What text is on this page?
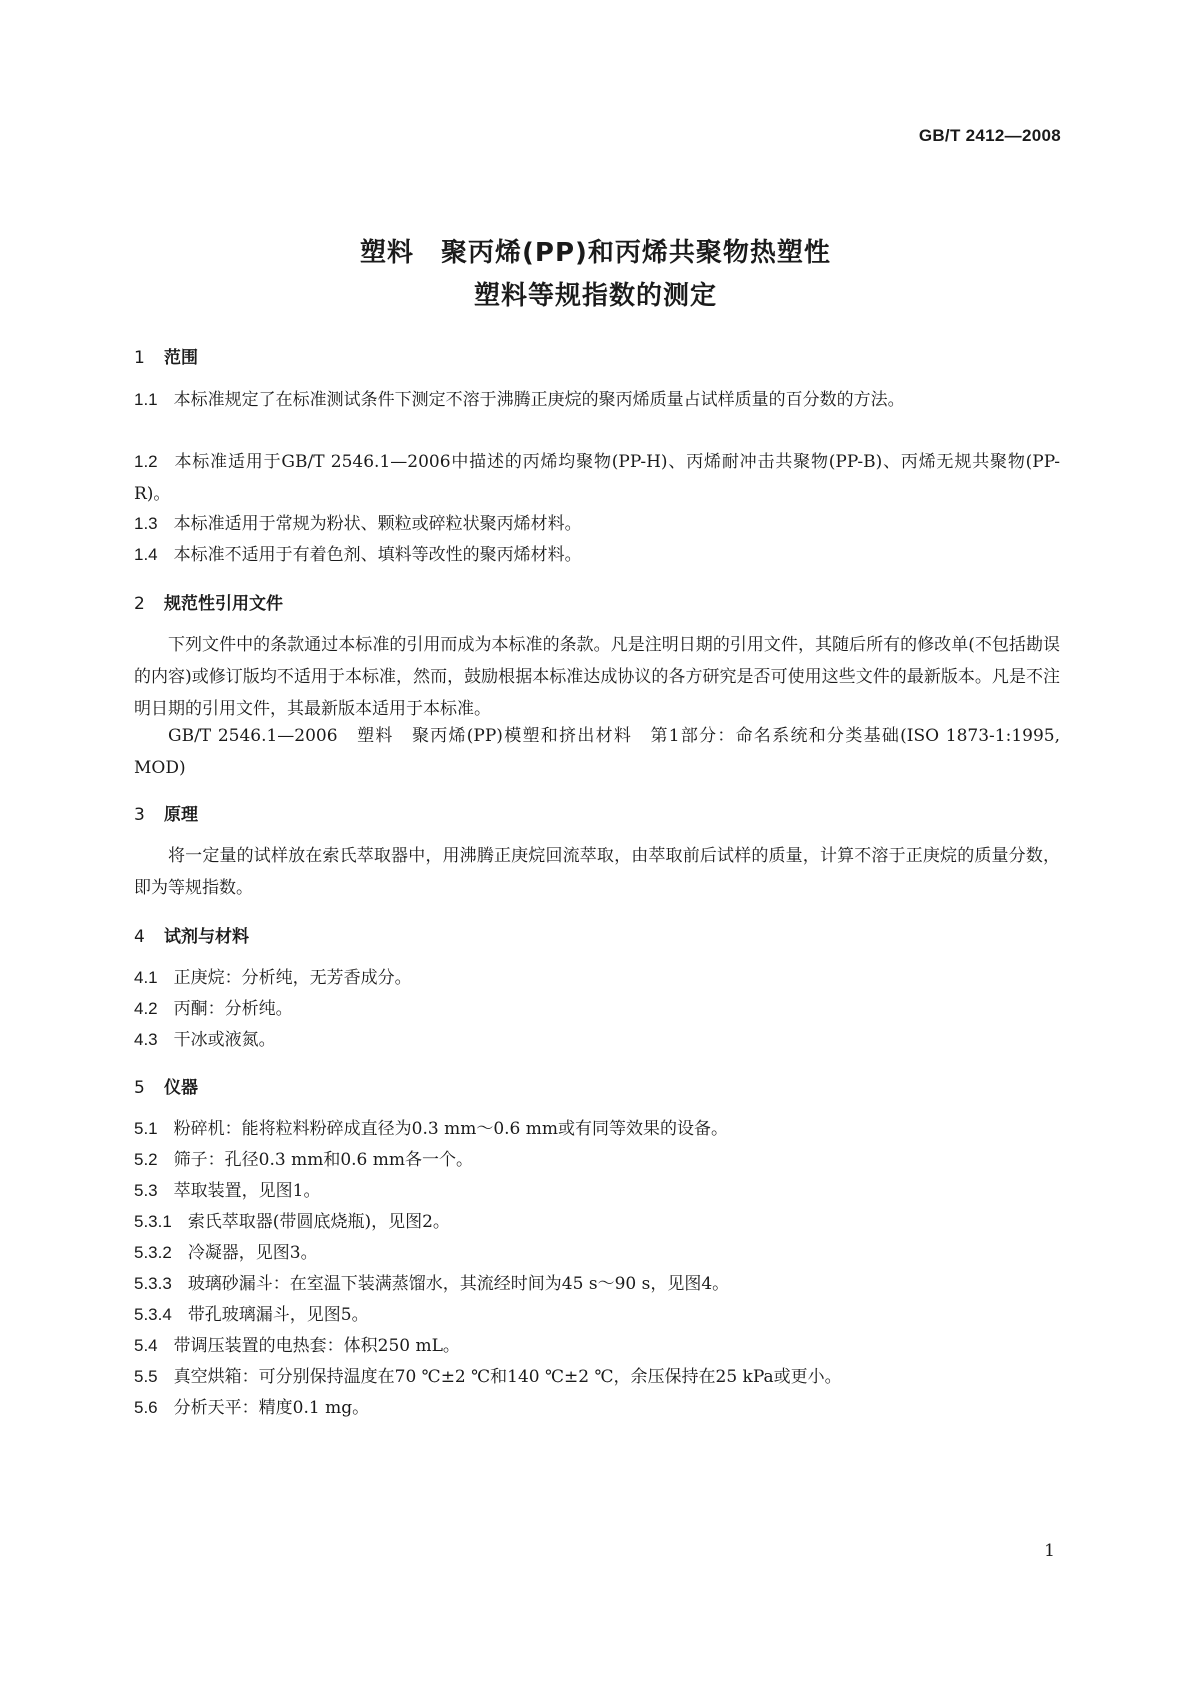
GB/T 2412—2008
塑料　聚丙烯(PP)和丙烯共聚物热塑性
塑料等规指数的测定
1 范围
1.1 本标准规定了在标准测试条件下测定不溶于沸腾正庚烷的聚丙烯质量占试样质量的百分数的方法。
1.2 本标准适用于GB/T 2546.1—2006中描述的丙烯均聚物(PP-H)、丙烯耐冲击共聚物(PP-B)、丙烯无规共聚物(PP-R)。
1.3 本标准适用于常规为粉状、颗粒或碎粒状聚丙烯材料。
1.4 本标准不适用于有着色剂、填料等改性的聚丙烯材料。
2 规范性引用文件
下列文件中的条款通过本标准的引用而成为本标准的条款。凡是注明日期的引用文件，其随后所有的修改单(不包括勘误的内容)或修订版均不适用于本标准，然而，鼓励根据本标准达成协议的各方研究是否可使用这些文件的最新版本。凡是不注明日期的引用文件，其最新版本适用于本标准。
GB/T 2546.1—2006　塑料　聚丙烯(PP)模塑和挤出材料　第1部分：命名系统和分类基础(ISO 1873-1:1995, MOD)
3 原理
将一定量的试样放在索氏萃取器中，用沸腾正庚烷回流萃取，由萃取前后试样的质量，计算不溶于正庚烷的质量分数，即为等规指数。
4 试剂与材料
4.1 正庚烷：分析纯，无芳香成分。
4.2 丙酮：分析纯。
4.3 干冰或液氮。
5 仪器
5.1 粉碎机：能将粒料粉碎成直径为0.3 mm～0.6 mm或有同等效果的设备。
5.2 筛子：孔径0.3 mm和0.6 mm各一个。
5.3 萃取装置，见图1。
5.3.1 索氏萃取器(带圆底烧瓶)，见图2。
5.3.2 冷凝器，见图3。
5.3.3 玻璃砂漏斗：在室温下装满蒸馏水，其流经时间为45 s～90 s，见图4。
5.3.4 带孔玻璃漏斗，见图5。
5.4 带调压装置的电热套：体积250 mL。
5.5 真空烘箱：可分别保持温度在70 ℃±2 ℃和140 ℃±2 ℃，余压保持在25 kPa或更小。
5.6 分析天平：精度0.1 mg。
1
